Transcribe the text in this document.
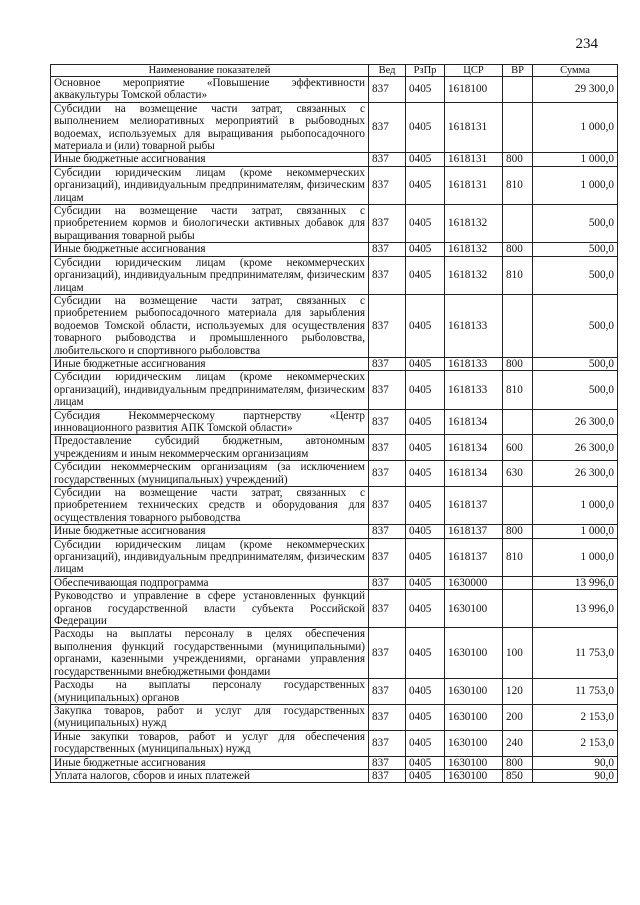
234
Наименование показателей	Вед	РзПр	ЦСР	ВР	Сумма
Основное мероприятие «Повышение эффективности аквакультуры Томской области»	837	0405	1618100		29 300,0
Субсидии на возмещение части затрат, связанных с выполнением мелиоративных мероприятий в рыбоводных водоемах, используемых для выращивания рыбопосадочного материала и (или) товарной рыбы	837	0405	1618131		1 000,0
Иные бюджетные ассигнования	837	0405	1618131	800	1 000,0
Субсидии юридическим лицам (кроме некоммерческих организаций), индивидуальным предпринимателям, физическим лицам	837	0405	1618131	810	1 000,0
Субсидии на возмещение части затрат, связанных с приобретением кормов и биологически активных добавок для выращивания товарной рыбы	837	0405	1618132		500,0
Иные бюджетные ассигнования	837	0405	1618132	800	500,0
Субсидии юридическим лицам (кроме некоммерческих организаций), индивидуальным предпринимателям, физическим лицам	837	0405	1618132	810	500,0
Субсидии на возмещение части затрат, связанных с приобретением рыбопосадочного материала для зарыбления водоемов Томской области, используемых для осуществления товарного рыбоводства и промышленного рыболовства, любительского и спортивного рыболовства	837	0405	1618133		500,0
Иные бюджетные ассигнования	837	0405	1618133	800	500,0
Субсидии юридическим лицам (кроме некоммерческих организаций), индивидуальным предпринимателям, физическим лицам	837	0405	1618133	810	500,0
Субсидия Некоммерческому партнерству «Центр инновационного развития АПК Томской области»	837	0405	1618134		26 300,0
Предоставление субсидий бюджетным, автономным учреждениям и иным некоммерческим организациям	837	0405	1618134	600	26 300,0
Субсидии некоммерческим организациям (за исключением государственных (муниципальных) учреждений)	837	0405	1618134	630	26 300,0
Субсидии на возмещение части затрат, связанных с приобретением технических средств и оборудования для осуществления товарного рыбоводства	837	0405	1618137		1 000,0
Иные бюджетные ассигнования	837	0405	1618137	800	1 000,0
Субсидии юридическим лицам (кроме некоммерческих организаций), индивидуальным предпринимателям, физическим лицам	837	0405	1618137	810	1 000,0
Обеспечивающая подпрограмма	837	0405	1630000		13 996,0
Руководство и управление в сфере установленных функций органов государственной власти субъекта Российской Федерации	837	0405	1630100		13 996,0
Расходы на выплаты персоналу в целях обеспечения выполнения функций государственными (муниципальными) органами, казенными учреждениями, органами управления государственными внебюджетными фондами	837	0405	1630100	100	11 753,0
Расходы на выплаты персоналу государственных (муниципальных) органов	837	0405	1630100	120	11 753,0
Закупка товаров, работ и услуг для государственных (муниципальных) нужд	837	0405	1630100	200	2 153,0
Иные закупки товаров, работ и услуг для обеспечения государственных (муниципальных) нужд	837	0405	1630100	240	2 153,0
Иные бюджетные ассигнования	837	0405	1630100	800	90,0
Уплата налогов, сборов и иных платежей	837	0405	1630100	850	90,0
